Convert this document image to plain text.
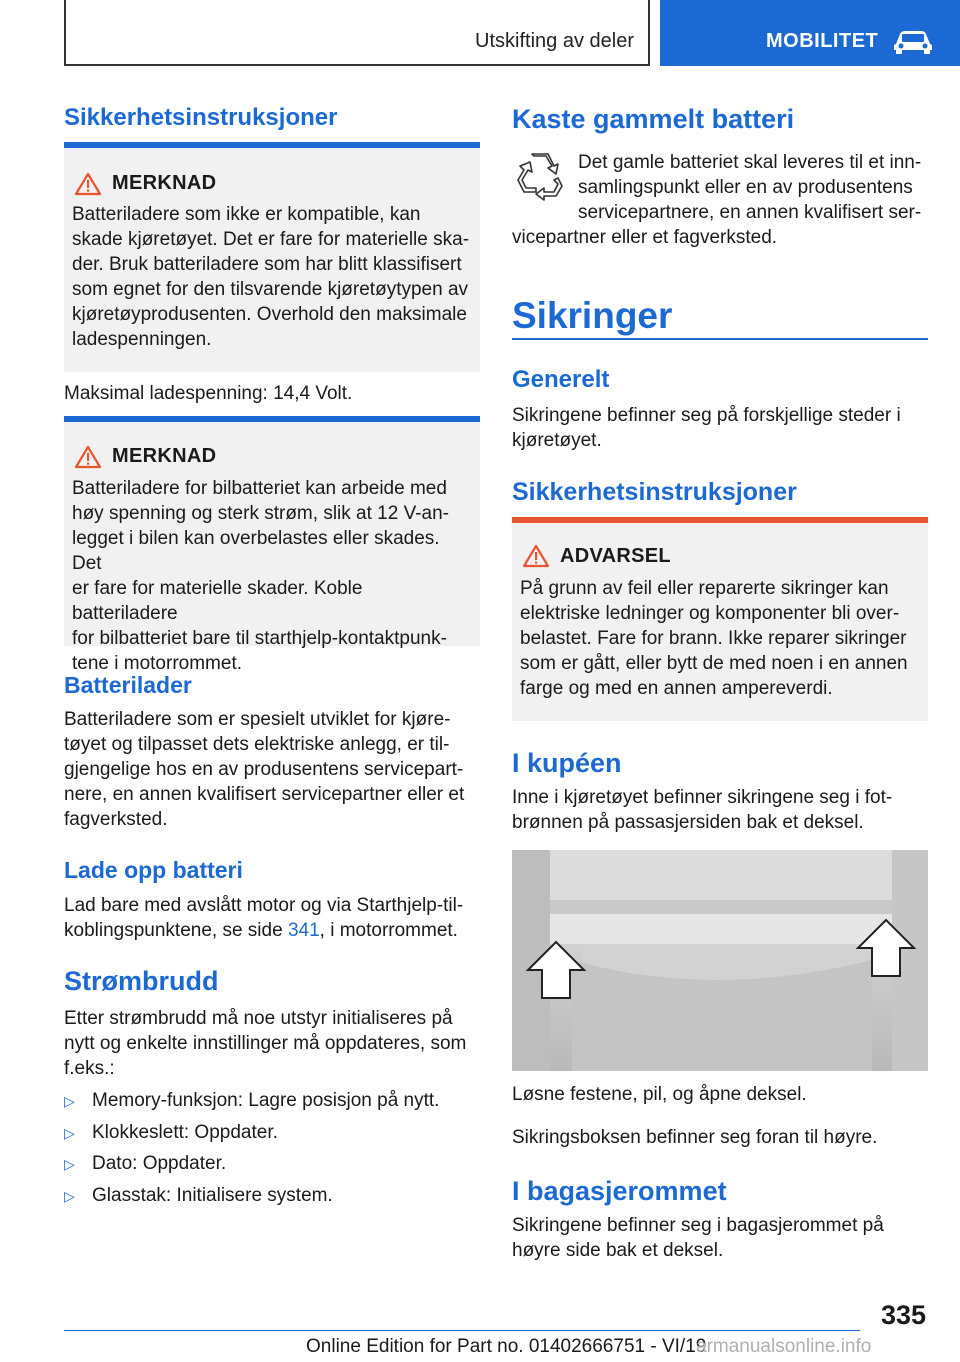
Utskifting av deler	MOBILITET
Sikkerhetsinstruksjoner
MERKNAD
Batteriladere som ikke er kompatible, kan
skade kjøretøyet. Det er fare for materielle ska-
der. Bruk batteriladere som har blitt klassifisert
som egnet for den tilsvarende kjøretøytypen av
kjøretøyprodusenten. Overhold den maksimale
ladespenningen.
Maksimal ladespenning: 14,4 Volt.
MERKNAD
Batteriladere for bilbatteriet kan arbeide med
høy spenning og sterk strøm, slik at 12 V-an-
legget i bilen kan overbelastes eller skades. Det
er fare for materielle skader. Koble batteriladere
for bilbatteriet bare til starthjelp-kontaktpunk-
tene i motorrommet.
Batterilader
Batteriladere som er spesielt utviklet for kjøre-
tøyet og tilpasset dets elektriske anlegg, er til-
gjengelige hos en av produsentens servicepart-
nere, en annen kvalifisert servicepartner eller et
fagverksted.
Lade opp batteri
Lad bare med avslått motor og via Starthjelp-til-
koblingspunktene, se side 341, i motorrommet.
Strømbrudd
Etter strømbrudd må noe utstyr initialiseres på
nytt og enkelte innstillinger må oppdateres, som
f.eks.:
▷ Memory-funksjon: Lagre posisjon på nytt.
▷ Klokkeslett: Oppdater.
▷ Dato: Oppdater.
▷ Glasstak: Initialisere system.
Kaste gammelt batteri
Det gamle batteriet skal leveres til et inn-
samlingspunkt eller en av produsentens
servicepartnere, en annen kvalifisert ser-
vicepartner eller et fagverksted.
Sikringer
Generelt
Sikringene befinner seg på forskjellige steder i
kjøretøyet.
Sikkerhetsinstruksjoner
ADVARSEL
På grunn av feil eller reparerte sikringer kan
elektriske ledninger og komponenter bli over-
belastet. Fare for brann. Ikke reparer sikringer
som er gått, eller bytt de med noen i en annen
farge og med en annen ampereverdi.
I kupéen
Inne i kjøretøyet befinner sikringene seg i fot-
brønnen på passasjersiden bak et deksel.
Løsne festene, pil, og åpne deksel.
Sikringsboksen befinner seg foran til høyre.
I bagasjerommet
Sikringene befinner seg i bagasjerommet på
høyre side bak et deksel.
335
Online Edition for Part no. 01402666751 - VI/19
armanualsonline.info
